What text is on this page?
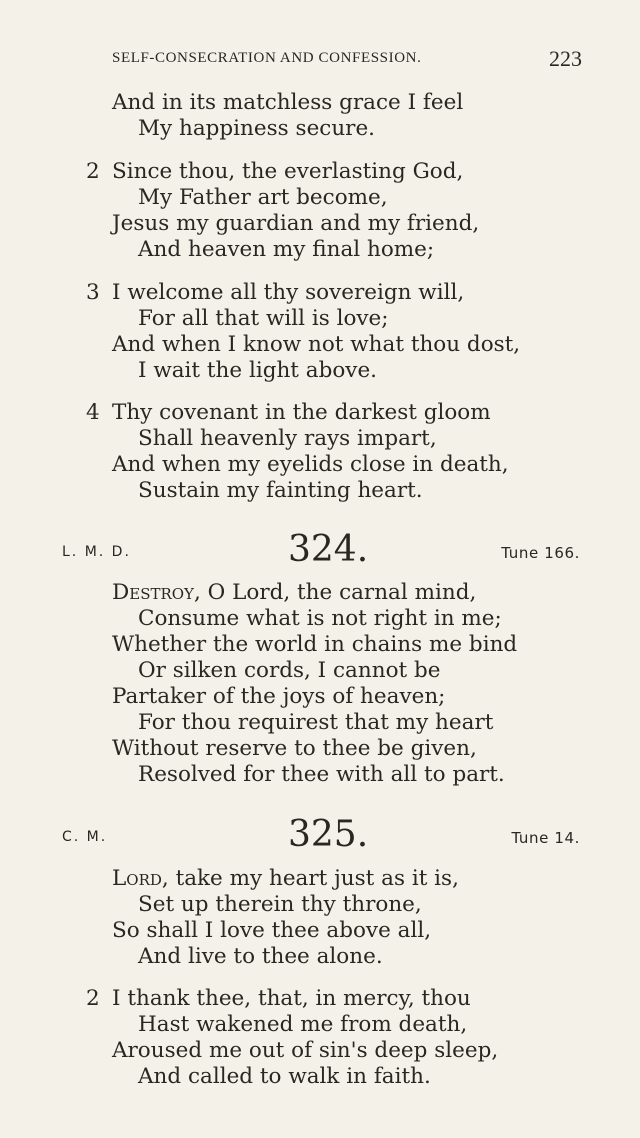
SELF-CONSECRATION AND CONFESSION.	223
And in its matchless grace I feel
My happiness secure.
2 Since thou, the everlasting God,
My Father art become,
Jesus my guardian and my friend,
And heaven my final home;
3 I welcome all thy sovereign will,
For all that will is love;
And when I know not what thou dost,
I wait the light above.
4 Thy covenant in the darkest gloom
Shall heavenly rays impart,
And when my eyelids close in death,
Sustain my fainting heart.
L. M. D.	324.	Tune 166.
Destroy, O Lord, the carnal mind,
Consume what is not right in me;
Whether the world in chains me bind
Or silken cords, I cannot be
Partaker of the joys of heaven;
For thou requirest that my heart
Without reserve to thee be given,
Resolved for thee with all to part.
C. M.	325.	Tune 14.
Lord, take my heart just as it is,
Set up therein thy throne,
So shall I love thee above all,
And live to thee alone.
2 I thank thee, that, in mercy, thou
Hast wakened me from death,
Aroused me out of sin's deep sleep,
And called to walk in faith.
